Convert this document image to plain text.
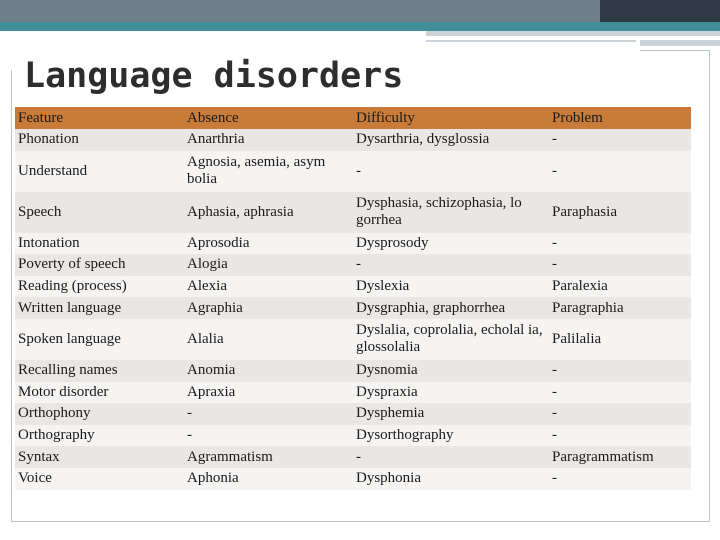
Language disorders
Feature	Absence	Difficulty	Problem
Phonation	Anarthria	Dysarthria, dysglossia	-
Understand	Agnosia, asemia, asym bolia	-	-
Speech	Aphasia, aphrasia	Dysphasia, schizophasia, lo gorrhea	Paraphasia
Intonation	Aprosodia	Dysprosody	-
Poverty of speech	Alogia	-	-
Reading (process)	Alexia	Dyslexia	Paralexia
Written language	Agraphia	Dysgraphia, graphorrhea	Paragraphia
Spoken language	Alalia	Dyslalia, coprolalia, echolal ia, glossolalia	Palilalia
Recalling names	Anomia	Dysnomia	-
Motor disorder	Apraxia	Dyspraxia	-
Orthophony	-	Dysphemia	-
Orthography	-	Dysorthography	-
Syntax	Agrammatism	-	Paragrammatism
Voice	Aphonia	Dysphonia	-
